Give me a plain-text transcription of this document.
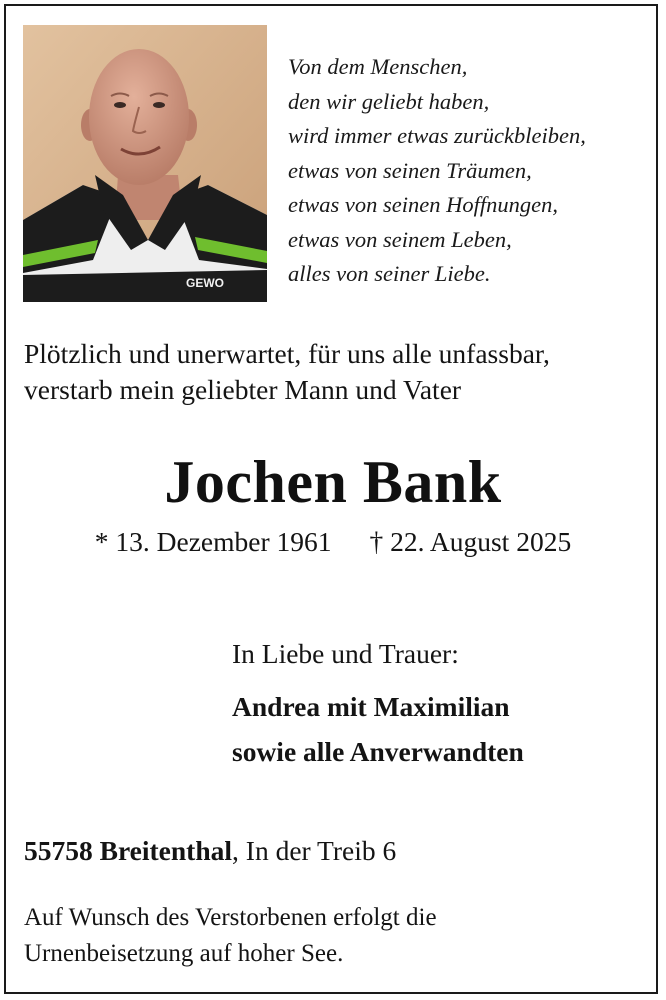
GEWO
Von dem Menschen,
den wir geliebt haben,
wird immer etwas zurückbleiben,
etwas von seinen Träumen,
etwas von seinen Hoffnungen,
etwas von seinem Leben,
alles von seiner Liebe.
Plötzlich und unerwartet, für uns alle unfassbar,
verstarb mein geliebter Mann und Vater
Jochen Bank
* 13. Dezember 1961 † 22. August 2025
In Liebe und Trauer:
Andrea mit Maximilian
sowie alle Anverwandten
55758 Breitenthal, In der Treib 6
Auf Wunsch des Verstorbenen erfolgt die
Urnenbeisetzung auf hoher See.
